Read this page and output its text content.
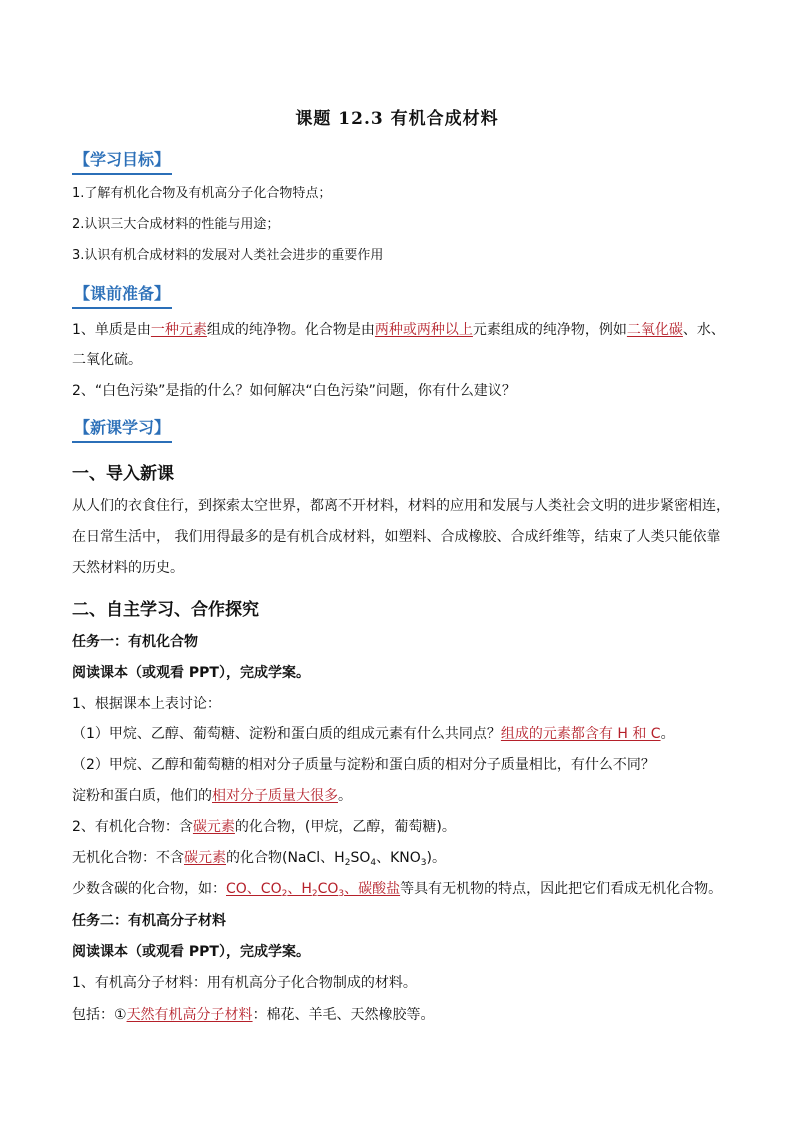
课题 12.3 有机合成材料
【学习目标】
1.了解有机化合物及有机高分子化合物特点；
2.认识三大合成材料的性能与用途；
3.认识有机合成材料的发展对人类社会进步的重要作用
【课前准备】
1、单质是由一种元素组成的纯净物。化合物是由两种或两种以上元素组成的纯净物，例如二氧化碳、水、
二氧化硫。
2、“白色污染”是指的什么？如何解决“白色污染”问题，你有什么建议？
【新课学习】
一、导入新课
从人们的衣食住行，到探索太空世界，都离不开材料，材料的应用和发展与人类社会文明的进步紧密相连，
在日常生活中， 我们用得最多的是有机合成材料，如塑料、合成橡胶、合成纤维等，结束了人类只能依靠
天然材料的历史。
二、自主学习、合作探究
任务一：有机化合物
阅读课本（或观看 PPT），完成学案。
1、根据课本上表讨论：
（1）甲烷、乙醇、葡萄糖、淀粉和蛋白质的组成元素有什么共同点？组成的元素都含有 H 和 C。
（2）甲烷、乙醇和葡萄糖的相对分子质量与淀粉和蛋白质的相对分子质量相比，有什么不同？
淀粉和蛋白质，他们的相对分子质量大很多。
2、有机化合物：含碳元素的化合物，(甲烷，乙醇，葡萄糖)。
无机化合物：不含碳元素的化合物(NaCl、$H_2SO_4$、$KNO_3$)。
少数含碳的化合物，如：CO、$CO_2$、$H_2CO_3$、碳酸盐等具有无机物的特点，因此把它们看成无机化合物。
任务二：有机高分子材料
阅读课本（或观看 PPT），完成学案。
1、有机高分子材料：用有机高分子化合物制成的材料。
包括：①天然有机高分子材料：棉花、羊毛、天然橡胶等。
